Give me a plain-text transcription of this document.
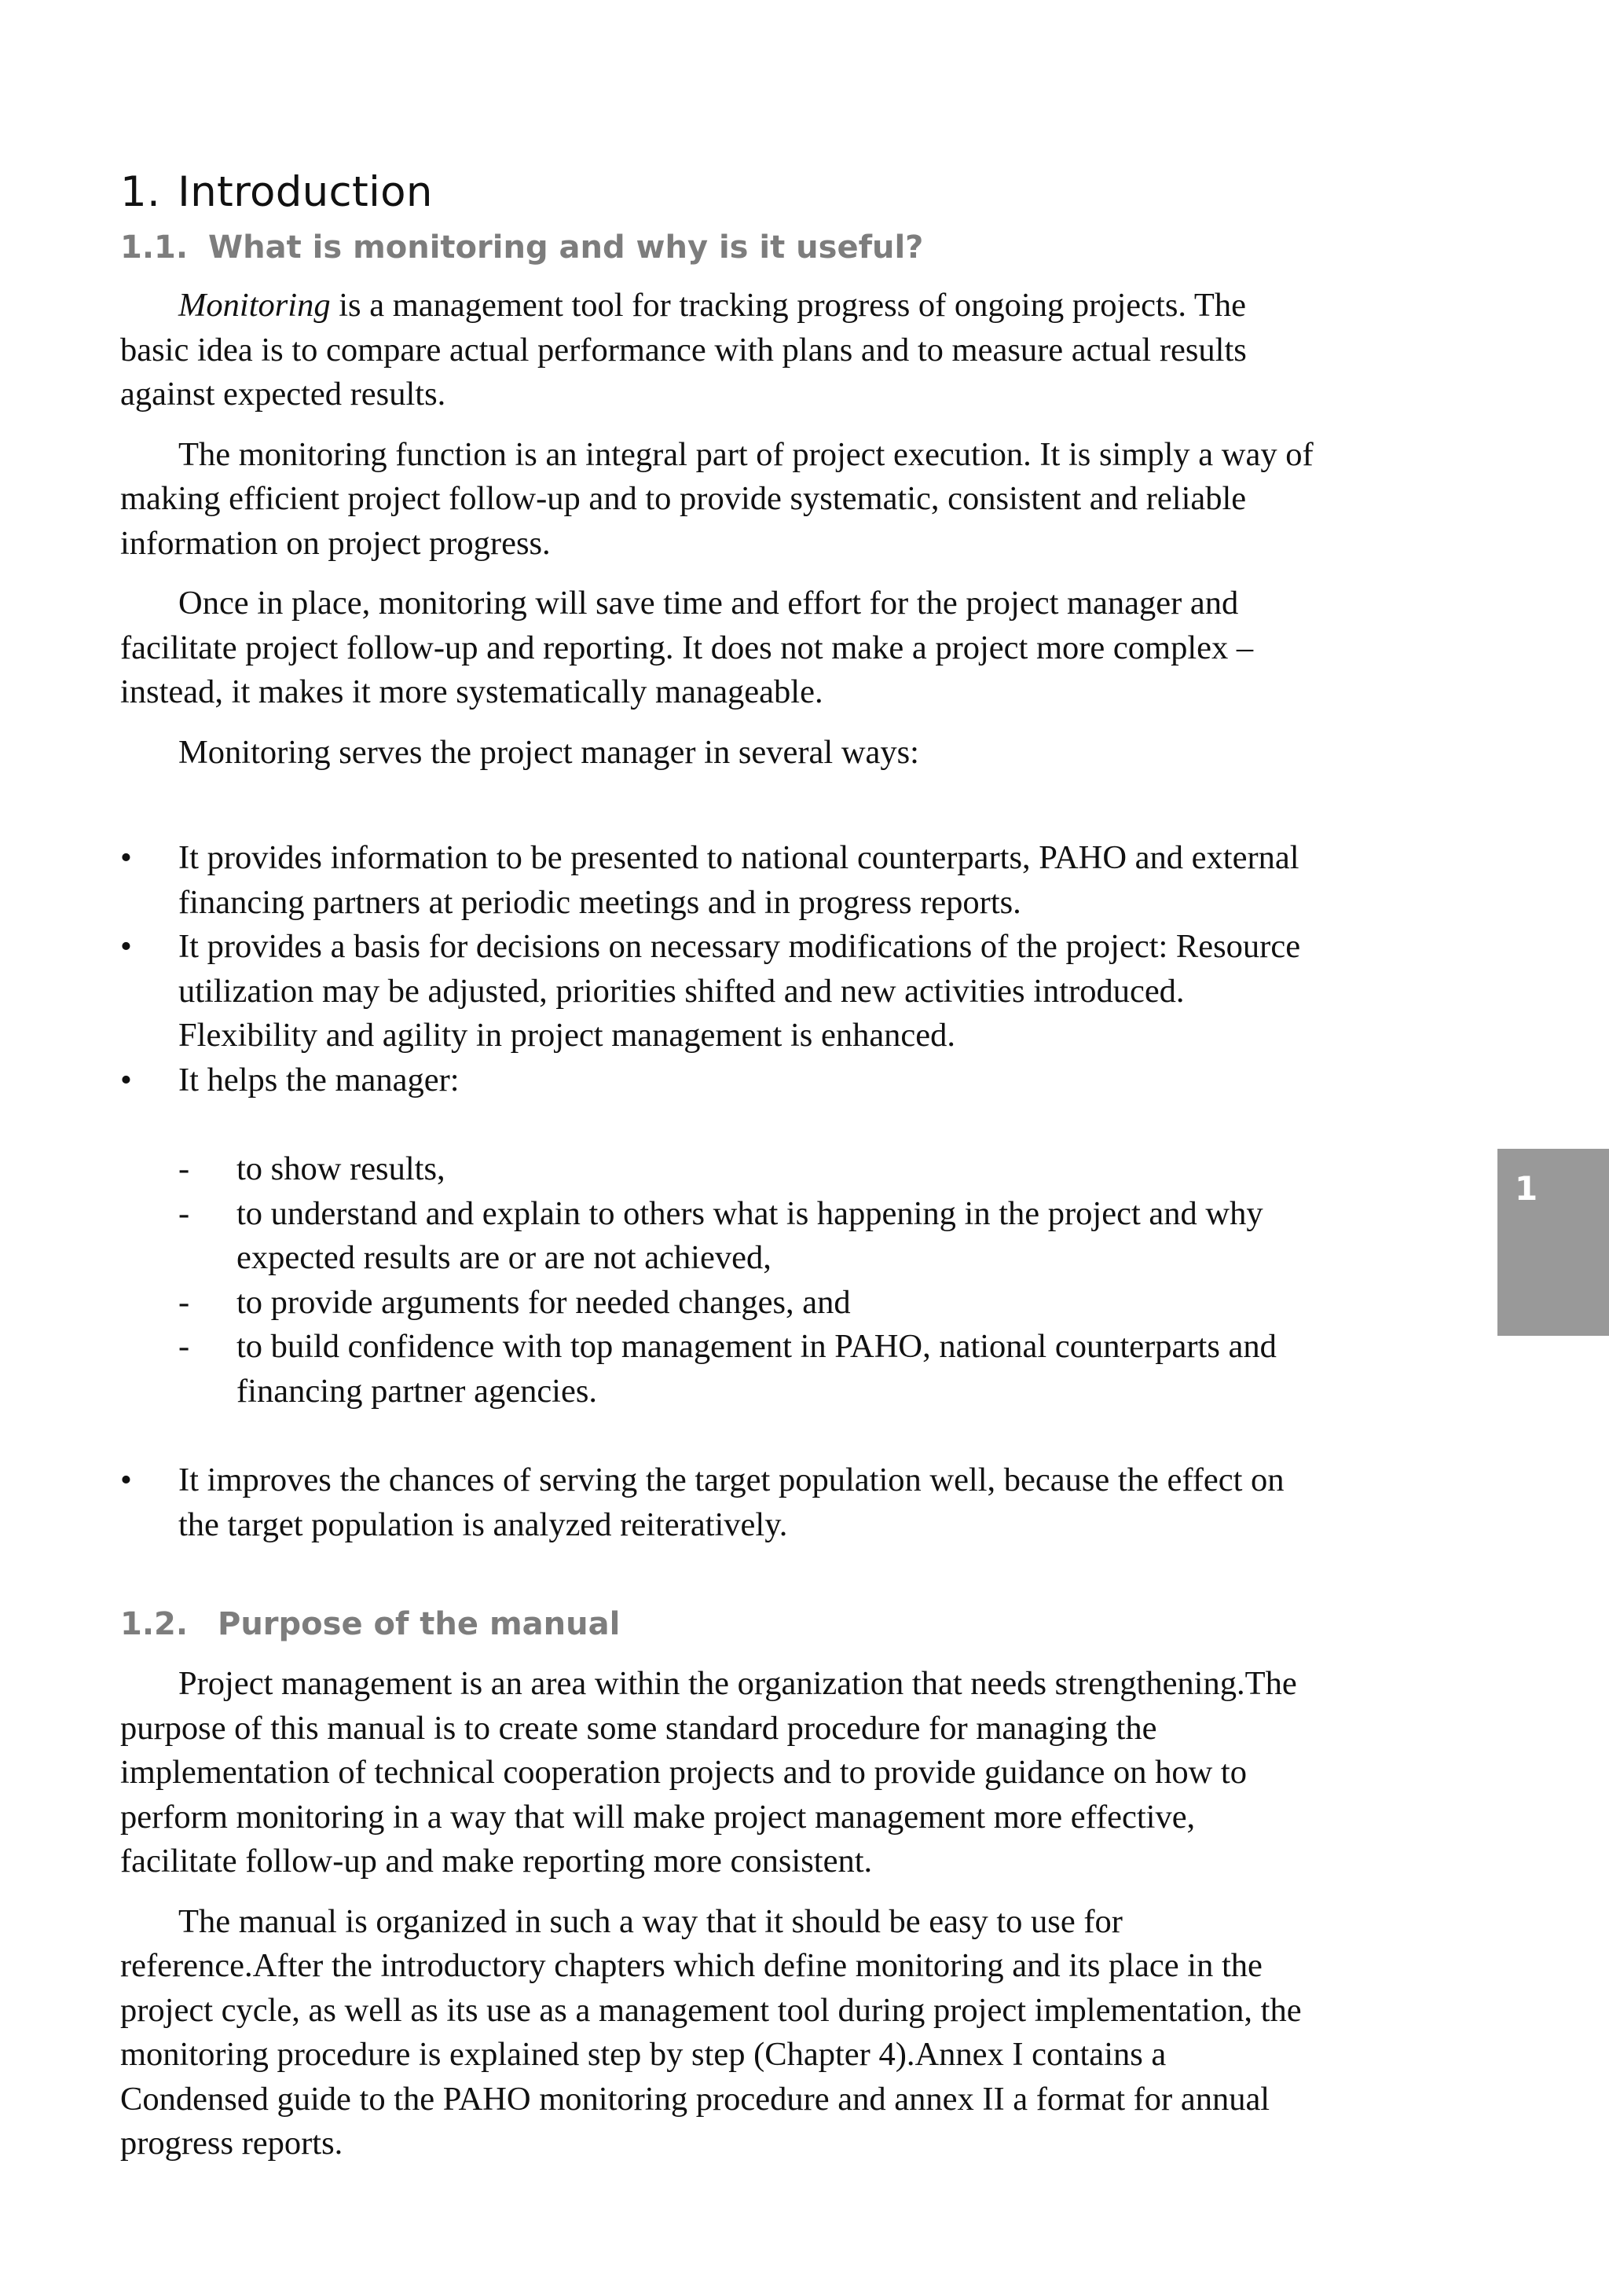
1. Introduction
1.1. What is monitoring and why is it useful?

Monitoring is a management tool for tracking progress of ongoing projects. The basic idea is to compare actual performance with plans and to measure actual results against expected results.

The monitoring function is an integral part of project execution. It is simply a way of making efficient project follow-up and to provide systematic, consistent and reliable information on project progress.

Once in place, monitoring will save time and effort for the project manager and facilitate project follow-up and reporting. It does not make a project more complex – instead, it makes it more systematically manageable.

Monitoring serves the project manager in several ways:

•	It provides information to be presented to national counterparts, PAHO and external financing partners at periodic meetings and in progress reports.
•	It provides a basis for decisions on necessary modifications of the project: Resource utilization may be adjusted, priorities shifted and new activities introduced. Flexibility and agility in project management is enhanced.
•	It helps the manager:
- to show results,
- to understand and explain to others what is happening in the project and why expected results are or are not achieved,
- to provide arguments for needed changes, and
- to build confidence with top management in PAHO, national counterparts and financing partner agencies.
•	It improves the chances of serving the target population well, because the effect on the target population is analyzed reiteratively.
1.2. Purpose of the manual

Project management is an area within the organization that needs strengthening.The purpose of this manual is to create some standard procedure for managing the implementation of technical cooperation projects and to provide guidance on how to perform monitoring in a way that will make project management more effective, facilitate follow-up and make reporting more consistent.

The manual is organized in such a way that it should be easy to use for reference.After the introductory chapters which define monitoring and its place in the project cycle, as well as its use as a management tool during project implementation, the monitoring procedure is explained step by step (Chapter 4).Annex I contains a Condensed guide to the PAHO monitoring procedure and annex II a format for annual progress reports.

1
